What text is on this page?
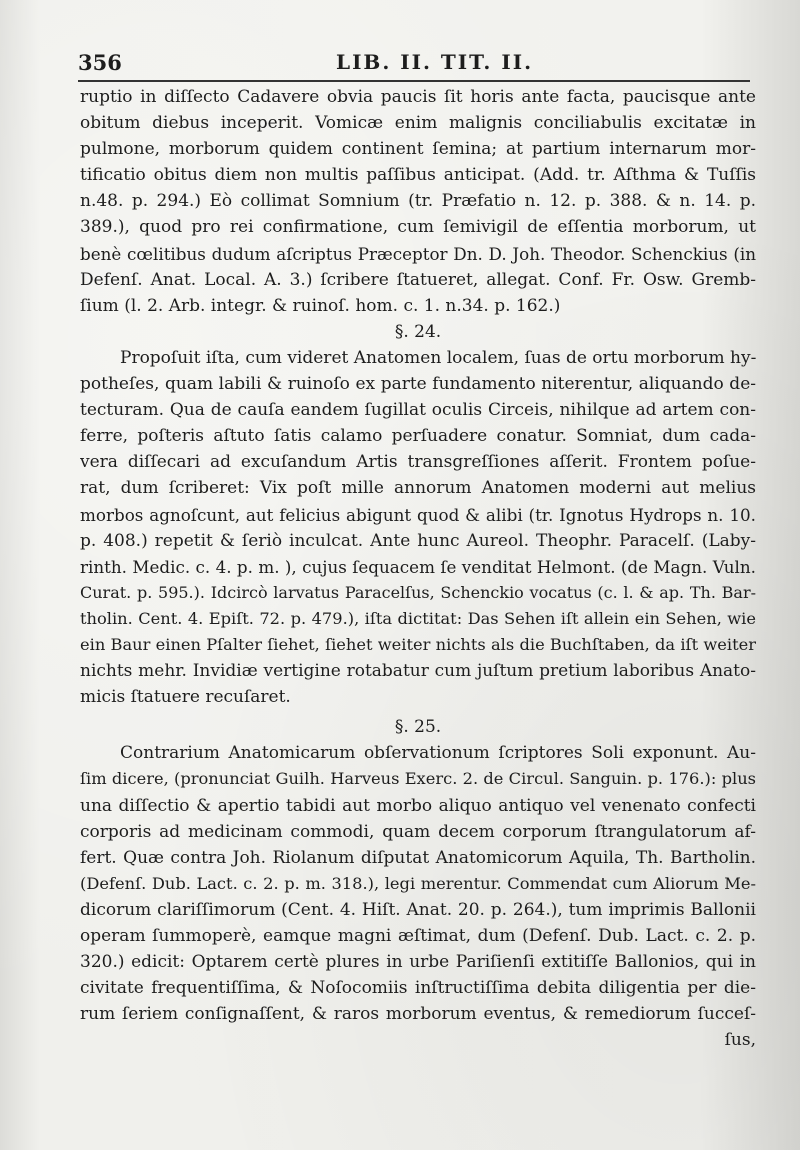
356	LIB. II. TIT. II.
ruptio in diſſecto Cadavere obvia paucis ſit horis ante facta, paucisque ante
obitum diebus inceperit. Vomicæ enim malignis conciliabulis excitatæ in
pulmone, morborum quidem continent ſemina; at partium internarum mor-
tificatio obitus diem non multis paſſibus anticipat. (Add. tr. Aſthma & Tuſſis
n.48. p. 294.) Eò collimat Somnium (tr. Præfatio n. 12. p. 388. & n. 14. p.
389.), quod pro rei confirmatione, cum ſemivigil de eſſentia morborum, ut
benè cœlitibus dudum aſcriptus Præceptor Dn. D. Joh. Theodor. Schenckius (in
Defenſ. Anat. Local. A. 3.) ſcribere ſtatueret, allegat. Conf. Fr. Osw. Gremb-
ſium (l. 2. Arb. integr. & ruinoſ. hom. c. 1. n.34. p. 162.)
§. 24.
Propoſuit iſta, cum videret Anatomen localem, ſuas de ortu morborum hy-
potheſes, quam labili & ruinoſo ex parte fundamento niterentur, aliquando de-
tecturam. Qua de cauſa eandem ſugillat oculis Circeis, nihilque ad artem con-
ferre, poſteris aſtuto ſatis calamo perſuadere conatur. Somniat, dum cada-
vera diſſecari ad excuſandum Artis transgreſſiones aſſerit. Frontem poſue-
rat, dum ſcriberet: Vix poſt mille annorum Anatomen moderni aut melius
morbos agnoſcunt, aut felicius abigunt quod & alibi (tr. Ignotus Hydrops n. 10.
p. 408.) repetit & ſeriò inculcat. Ante hunc Aureol. Theophr. Paracelſ. (Laby-
rinth. Medic. c. 4. p. m. ), cujus ſequacem ſe venditat Helmont. (de Magn. Vuln.
Curat. p. 595.). Idcircò larvatus Paracelſus, Schenckio vocatus (c. l. & ap. Th. Bar-
tholin. Cent. 4. Epiſt. 72. p. 479.), iſta dictitat: Das Sehen iſt allein ein Sehen, wie
ein Baur einen Pſalter ſiehet, ſiehet weiter nichts als die Buchſtaben, da iſt weiter
nichts mehr. Invidiæ vertigine rotabatur cum juſtum pretium laboribus Anato-
micis ſtatuere recuſaret.
§. 25.
Contrarium Anatomicarum obſervationum ſcriptores Soli exponunt. Au-
ſim dicere, (pronunciat Guilh. Harveus Exerc. 2. de Circul. Sanguin. p. 176.): plus
una diſſectio & apertio tabidi aut morbo aliquo antiquo vel venenato confecti
corporis ad medicinam commodi, quam decem corporum ſtrangulatorum af-
fert. Quæ contra Joh. Riolanum diſputat Anatomicorum Aquila, Th. Bartholin.
(Defenſ. Dub. Lact. c. 2. p. m. 318.), legi merentur. Commendat cum Aliorum Me-
dicorum clariſſimorum (Cent. 4. Hiſt. Anat. 20. p. 264.), tum imprimis Ballonii
operam ſummoperè, eamque magni æſtimat, dum (Defenſ. Dub. Lact. c. 2. p.
320.) edicit: Optarem certè plures in urbe Pariſienſi extitiſſe Ballonios, qui in
civitate frequentiſſima, & Noſocomiis inſtructiſſima debita diligentia per die-
rum ſeriem conſignaſſent, & raros morborum eventus, & remediorum ſucceſ-
ſus,
